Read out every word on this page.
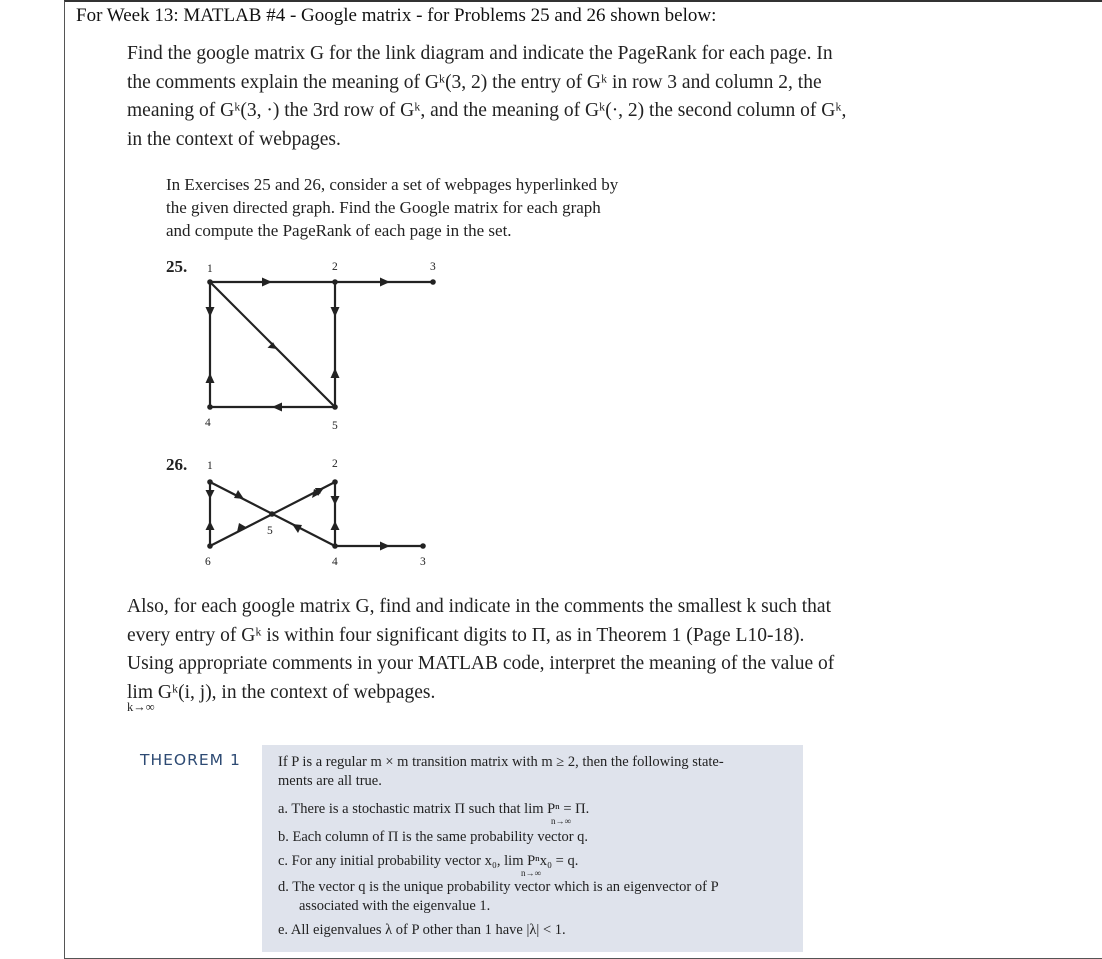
For Week 13: MATLAB #4 - Google matrix - for Problems 25 and 26 shown below:
Find the google matrix G for the link diagram and indicate the PageRank for each page. In
the comments explain the meaning of Gᵏ(3, 2) the entry of Gᵏ in row 3 and column 2, the
meaning of Gᵏ(3, ·) the 3rd row of Gᵏ, and the meaning of Gᵏ(·, 2) the second column of Gᵏ,
in the context of webpages.
In Exercises 25 and 26, consider a set of webpages hyperlinked by
the given directed graph. Find the Google matrix for each graph
and compute the PageRank of each page in the set.
25. 1	2	3
4	5
26. 1	2
3
4
5
6
Also, for each google matrix G, find and indicate in the comments the smallest k such that
every entry of Gᵏ is within four significant digits to Π, as in Theorem 1 (Page L10-18).
Using appropriate comments in your MATLAB code, interpret the meaning of the value of
lim Gᵏ(i, j), in the context of webpages.
k→∞
THEOREM 1	If P is a regular m × m transition matrix with m ≥ 2, then the following state-
ments are all true.
a. There is a stochastic matrix Π such that lim Pⁿ = Π.
n→∞
b. Each column of Π is the same probability vector q.
c. For any initial probability vector x₀, lim Pⁿx₀ = q.
n→∞
d. The vector q is the unique probability vector which is an eigenvector of P
associated with the eigenvalue 1.
e. All eigenvalues λ of P other than 1 have |λ| < 1.
